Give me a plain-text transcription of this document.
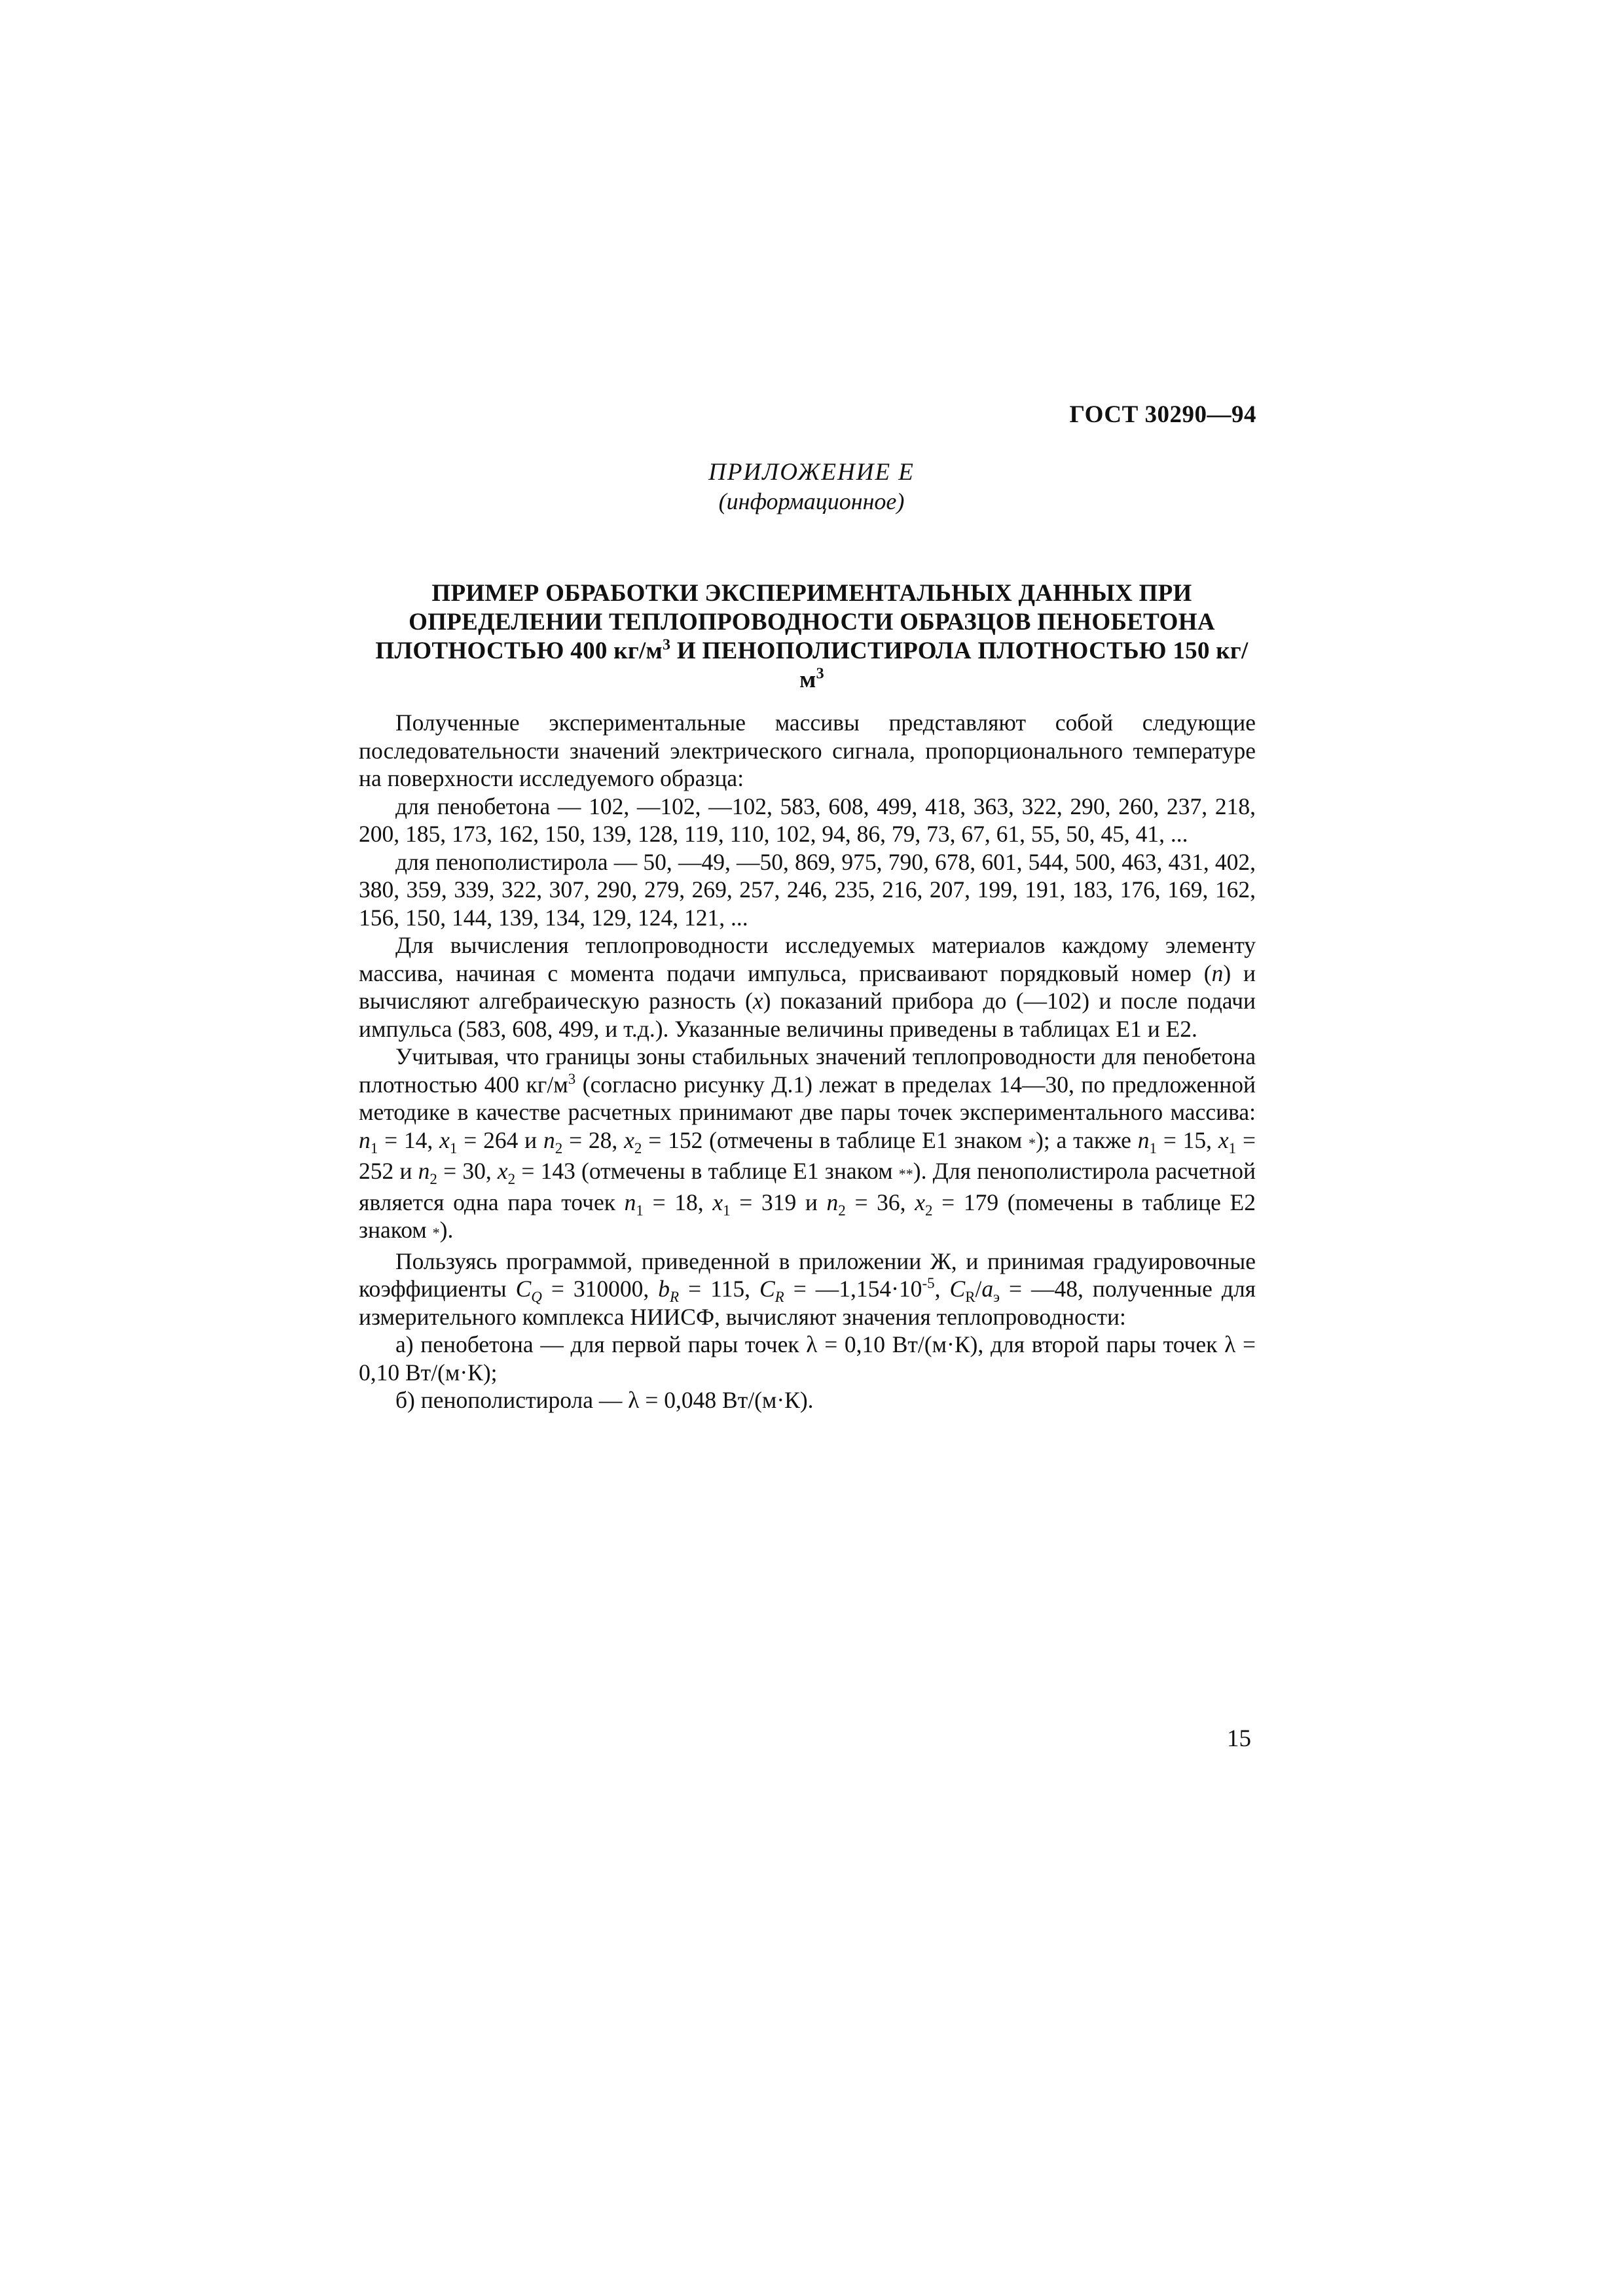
ГОСТ 30290—94
ПРИЛОЖЕНИЕ Е
(информационное)
ПРИМЕР ОБРАБОТКИ ЭКСПЕРИМЕНТАЛЬНЫХ ДАННЫХ ПРИ
ОПРЕДЕЛЕНИИ ТЕПЛОПРОВОДНОСТИ ОБРАЗЦОВ ПЕНОБЕТОНА
ПЛОТНОСТЬЮ 400 $кг/м^3$ И ПЕНОПОЛИСТИРОЛА ПЛОТНОСТЬЮ 150 $кг/м^3$

Полученные экспериментальные массивы представляют собой следующие последовательности значений электрического сигнала, пропорционального температуре на поверхности исследуемого образца:

для пенобетона — 102, —102, —102, 583, 608, 499, 418, 363, 322, 290, 260, 237, 218, 200, 185, 173, 162, 150, 139, 128, 119, 110, 102, 94, 86, 79, 73, 67, 61, 55, 50, 45, 41, ...

для пенополистирола — 50, —49, —50, 869, 975, 790, 678, 601, 544, 500, 463, 431, 402, 380, 359, 339, 322, 307, 290, 279, 269, 257, 246, 235, 216, 207, 199, 191, 183, 176, 169, 162, 156, 150, 144, 139, 134, 129, 124, 121, ...

Для вычисления теплопроводности исследуемых материалов каждому элементу массива, начиная с момента подачи импульса, присваивают порядковый номер (n) и вычисляют алгебраическую разность (x) показаний прибора до (—102) и после подачи импульса (583, 608, 499, и т.д.). Указанные величины приведены в таблицах Е1 и Е2.

Учитывая, что границы зоны стабильных значений теплопроводности для пенобетона плотностью 400 $кг/м^3$ (согласно рисунку Д.1) лежат в пределах 14—30, по предложенной методике в качестве расчетных принимают две пары точек экспериментального массива: $n_1 = 14$, $x_1 = 264$ и $n_2 = 28$, $x_2 = 152$ (отмечены в таблице Е1 знаком *); а также $n_1 = 15$, $x_1 = 252$ и $n_2 = 30$, $x_2 = 143$ (отмечены в таблице Е1 знаком **). Для пенополистирола расчетной является одна пара точек $n_1 = 18$, $x_1 = 319$ и $n_2 = 36$, $x_2 = 179$ (помечены в таблице Е2 знаком *).

Пользуясь программой, приведенной в приложении Ж, и принимая градуировочные коэффициенты $C_Q = 310000$, $b_R = 115$, $C_R$ = $—1,154\cdot 10^{-5}$, $C_R/a_э$ = —48, полученные для измерительного комплекса НИИСФ, вычисляют значения теплопроводности:

а) пенобетона — для первой пары точек λ = 0,10 Вт/(м·К), для второй пары точек λ = 0,10 Вт/(м·К);

б) пенополистирола — λ = 0,048 Вт/(м·К).

15
